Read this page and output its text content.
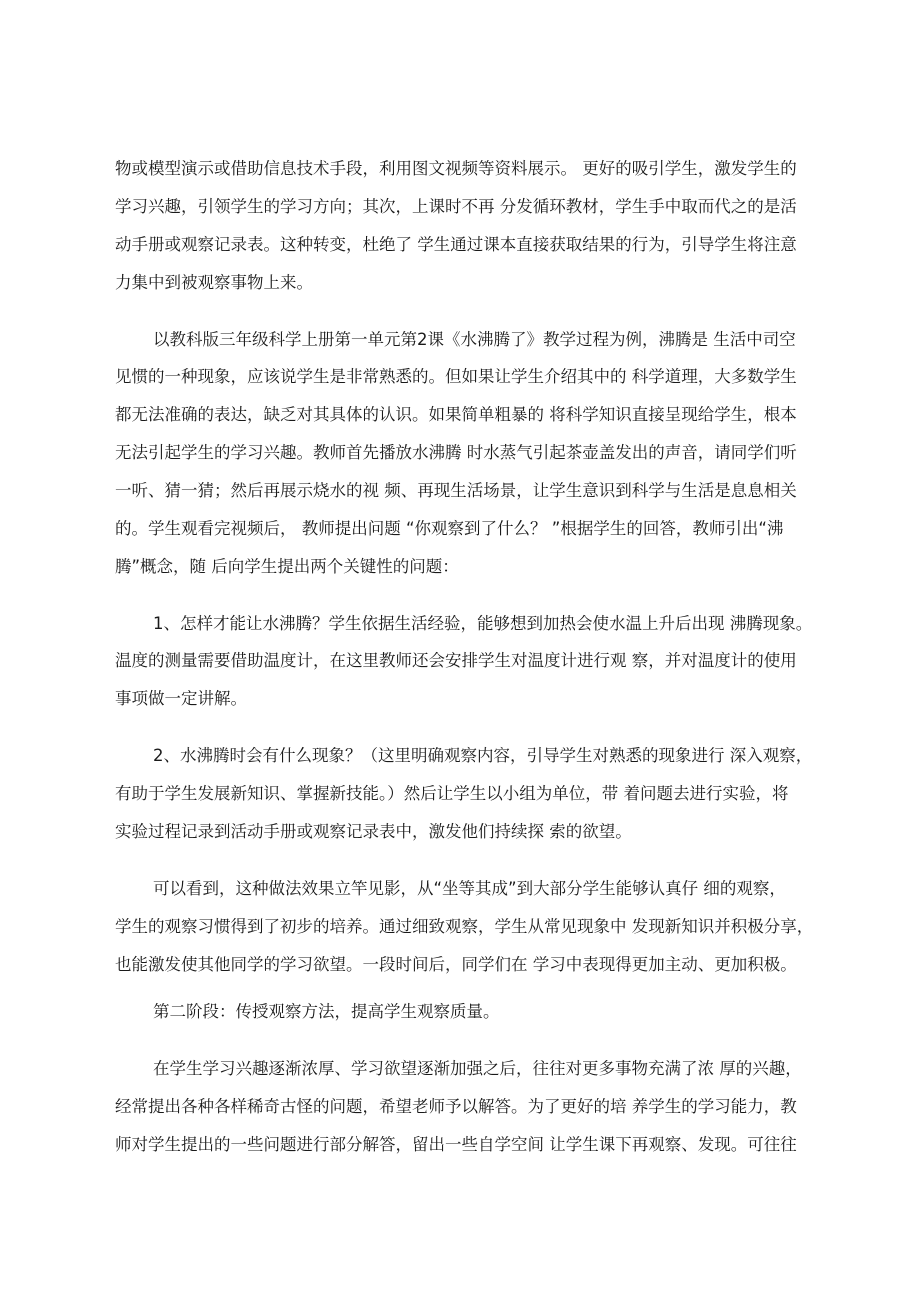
物或模型演示或借助信息技术手段，利用图文视频等资料展示。 更好的吸引学生，激发学生的
学习兴趣，引领学生的学习方向；其次，上课时不再 分发循环教材，学生手中取而代之的是活
动手册或观察记录表。这种转变，杜绝了 学生通过课本直接获取结果的行为，引导学生将注意
力集中到被观察事物上来。
以教科版三年级科学上册第一单元第2课《水沸腾了》教学过程为例，沸腾是 生活中司空
见惯的一种现象，应该说学生是非常熟悉的。但如果让学生介绍其中的 科学道理，大多数学生
都无法准确的表达，缺乏对其具体的认识。如果简单粗暴的 将科学知识直接呈现给学生，根本
无法引起学生的学习兴趣。教师首先播放水沸腾 时水蒸气引起茶壶盖发出的声音，请同学们听
一听、猜一猜；然后再展示烧水的视 频、再现生活场景，让学生意识到科学与生活是息息相关
的。学生观看完视频后， 教师提出问题 “你观察到了什么？ ”根据学生的回答，教师引出“沸
腾”概念，随 后向学生提出两个关键性的问题：
1、怎样才能让水沸腾？学生依据生活经验，能够想到加热会使水温上升后出现 沸腾现象。
温度的测量需要借助温度计，在这里教师还会安排学生对温度计进行观 察，并对温度计的使用
事项做一定讲解。
2、水沸腾时会有什么现象？（这里明确观察内容，引导学生对熟悉的现象进行 深入观察，
有助于学生发展新知识、掌握新技能。）然后让学生以小组为单位，带 着问题去进行实验，将
实验过程记录到活动手册或观察记录表中，激发他们持续探 索的欲望。
可以看到，这种做法效果立竿见影，从“坐等其成”到大部分学生能够认真仔 细的观察，
学生的观察习惯得到了初步的培养。通过细致观察，学生从常见现象中 发现新知识并积极分享，
也能激发使其他同学的学习欲望。一段时间后，同学们在 学习中表现得更加主动、更加积极。
第二阶段：传授观察方法，提高学生观察质量。
在学生学习兴趣逐渐浓厚、学习欲望逐渐加强之后，往往对更多事物充满了浓 厚的兴趣，
经常提出各种各样稀奇古怪的问题，希望老师予以解答。为了更好的培 养学生的学习能力，教
师对学生提出的一些问题进行部分解答，留出一些自学空间 让学生课下再观察、发现。可往往
